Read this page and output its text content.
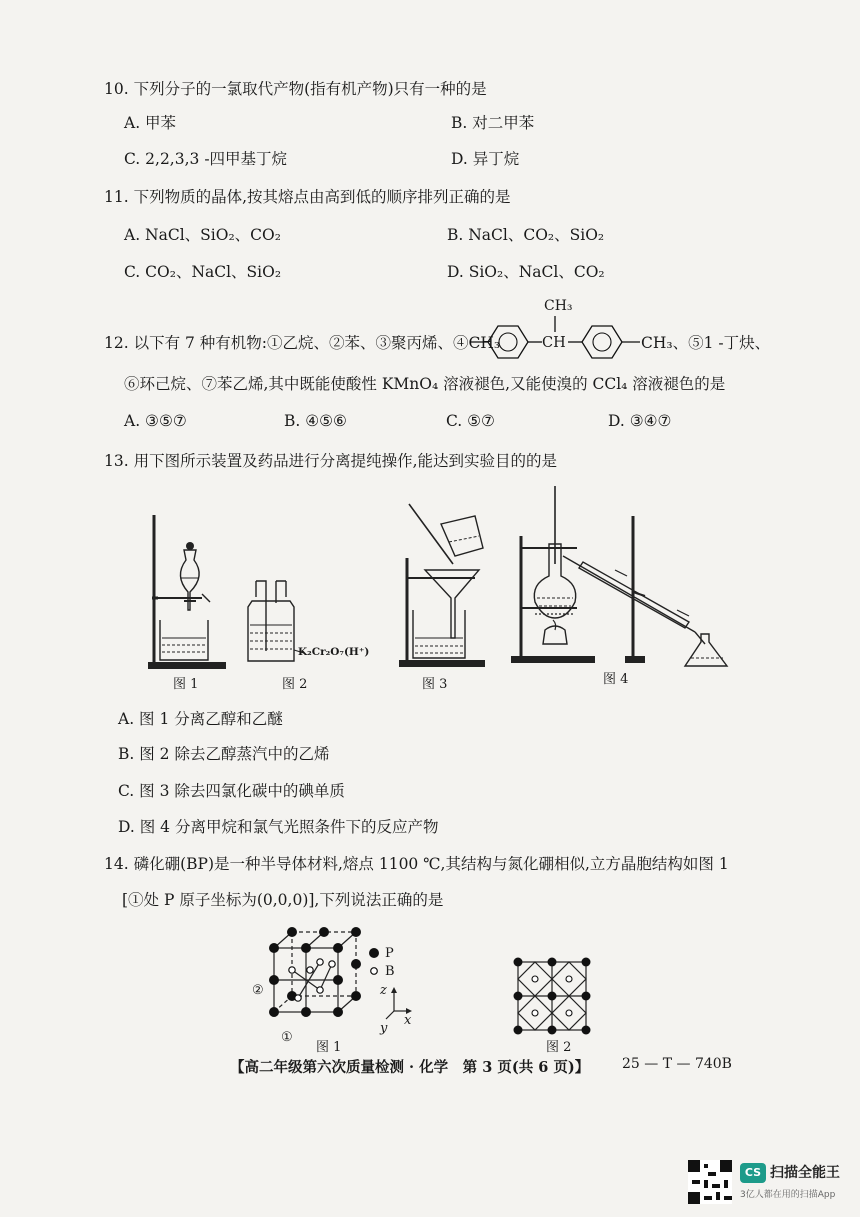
10. 下列分子的一氯取代产物(指有机产物)只有一种的是
A. 甲苯	B. 对二甲苯
C. 2,2,3,3 -四甲基丁烷	D. 异丁烷
11. 下列物质的晶体,按其熔点由高到低的顺序排列正确的是
A. NaCl、SiO₂、CO₂	B. NaCl、CO₂、SiO₂
C. CO₂、NaCl、SiO₂	D. SiO₂、NaCl、CO₂
12. 以下有 7 种有机物:①乙烷、②苯、③聚丙烯、④CH₃
CH₃
CH	CH₃、⑤1 -丁炔、
⑥环己烷、⑦苯乙烯,其中既能使酸性 KMnO₄ 溶液褪色,又能使溴的 CCl₄ 溶液褪色的是
A. ③⑤⑦	B. ④⑤⑥	C. ⑤⑦	D. ③④⑦
13. 用下图所示装置及药品进行分离提纯操作,能达到实验目的的是
图 1
K₂Cr₂O₇(H⁺)
图 2	图 3	图 4
A. 图 1 分离乙醇和乙醚
B. 图 2 除去乙醇蒸汽中的乙烯
C. 图 3 除去四氯化碳中的碘单质
D. 图 4 分离甲烷和氯气光照条件下的反应产物
14. 磷化硼(BP)是一种半导体材料,熔点 1100 ℃,其结构与氮化硼相似,立方晶胞结构如图 1
[①处 P 原子坐标为(0,0,0)],下列说法正确的是
P
B
②
①
z
x
y
图 1	图 2
【高二年级第六次质量检测 · 化学　第 3 页(共 6 页)】 25 — T — 740B
CS 扫描全能王
3亿人都在用的扫描App
